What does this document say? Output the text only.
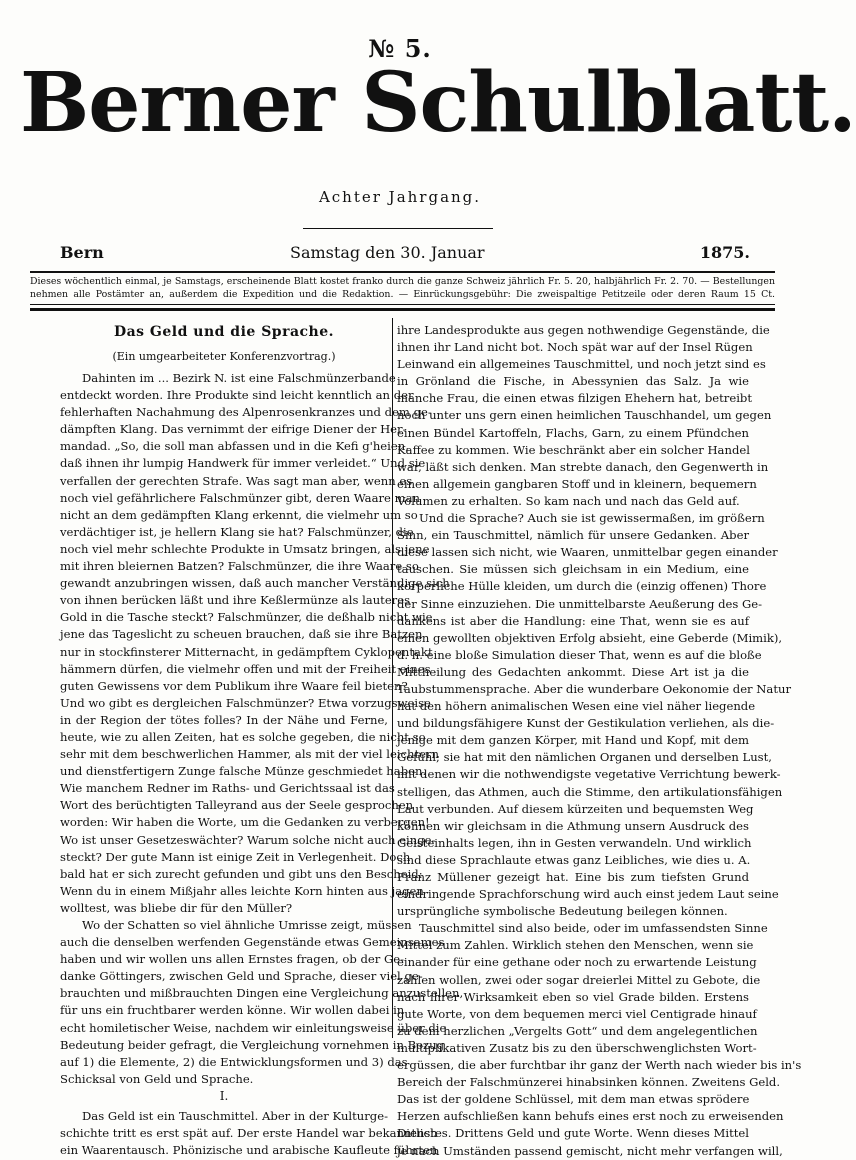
№ 5.
Berner Schulblatt.
Achter Jahrgang.
Bern	Samstag den 30. Januar	1875.
Dieses wöchentlich einmal, je Samstags, erscheinende Blatt kostet franko durch die ganze Schweiz jährlich Fr. 5. 20, halbjährlich Fr. 2. 70. — Bestellungen
nehmen alle Postämter an, außerdem die Expedition und die Redaktion. — Einrückungsgebühr: Die zweispaltige Petitzeile oder deren Raum 15 Ct.
Das Geld und die Sprache.
(Ein umgearbeiteter Konferenzvortrag.)
Dahinten im ... Bezirk N. ist eine Falschmünzerbande
entdeckt worden. Ihre Produkte sind leicht kenntlich an der
fehlerhaften Nachahmung des Alpenrosenkranzes und dem ge-
dämpften Klang. Das vernimmt der eifrige Diener der Her-
mandad. „So, die soll man abfassen und in die Kefi g'heien,
daß ihnen ihr lumpig Handwerk für immer verleidet.“ Und sie
verfallen der gerechten Strafe. Was sagt man aber, wenn es
noch viel gefährlichere Falschmünzer gibt, deren Waare man
nicht an dem gedämpften Klang erkennt, die vielmehr um so
verdächtiger ist, je hellern Klang sie hat? Falschmünzer, die
noch viel mehr schlechte Produkte in Umsatz bringen, als jene
mit ihren bleiernen Batzen? Falschmünzer, die ihre Waare so
gewandt anzubringen wissen, daß auch mancher Verständige sich
von ihnen berücken läßt und ihre Keßlermünze als lauteres
Gold in die Tasche steckt? Falschmünzer, die deßhalb nicht wie
jene das Tageslicht zu scheuen brauchen, daß sie ihre Batzen
nur in stockfinsterer Mitternacht, in gedämpftem Cyklopentakt
hämmern dürfen, die vielmehr offen und mit der Freiheit eines
guten Gewissens vor dem Publikum ihre Waare feil bieten?
Und wo gibt es dergleichen Falschmünzer? Etwa vorzugsweise
in der Region der tötes folles? In der Nähe und Ferne,
heute, wie zu allen Zeiten, hat es solche gegeben, die nicht so
sehr mit dem beschwerlichen Hammer, als mit der viel leichtern
und dienstfertigern Zunge falsche Münze geschmiedet haben.
Wie manchem Redner im Raths- und Gerichtssaal ist das
Wort des berüchtigten Talleyrand aus der Seele gesprochen
worden: Wir haben die Worte, um die Gedanken zu verbergen!
Wo ist unser Gesetzeswächter? Warum solche nicht auch einge-
steckt? Der gute Mann ist einige Zeit in Verlegenheit. Doch
bald hat er sich zurecht gefunden und gibt uns den Bescheid:
Wenn du in einem Mißjahr alles leichte Korn hinten aus jagen
wolltest, was bliebe dir für den Müller?
Wo der Schatten so viel ähnliche Umrisse zeigt, müssen
auch die denselben werfenden Gegenstände etwas Gemeinsames
haben und wir wollen uns allen Ernstes fragen, ob der Ge-
danke Göttingers, zwischen Geld und Sprache, dieser viel ge-
brauchten und mißbrauchten Dingen eine Vergleichung anzustellen,
für uns ein fruchtbarer werden könne. Wir wollen dabei in
echt homiletischer Weise, nachdem wir einleitungsweise über die
Bedeutung beider gefragt, die Vergleichung vornehmen in Bezug
auf 1) die Elemente, 2) die Entwicklungsformen und 3) das
Schicksal von Geld und Sprache.
I.
Das Geld ist ein Tauschmittel. Aber in der Kulturge-
schichte tritt es erst spät auf. Der erste Handel war bekanntlich
ein Waarentausch. Phönizische und arabische Kaufleute führten
ihre Landesprodukte aus gegen nothwendige Gegenstände, die
ihnen ihr Land nicht bot. Noch spät war auf der Insel Rügen
Leinwand ein allgemeines Tauschmittel, und noch jetzt sind es
in Grönland die Fische, in Abessynien das Salz. Ja wie
manche Frau, die einen etwas filzigen Ehehern hat, betreibt
noch unter uns gern einen heimlichen Tauschhandel, um gegen
einen Bündel Kartoffeln, Flachs, Garn, zu einem Pfündchen
Kaffee zu kommen. Wie beschränkt aber ein solcher Handel
war, läßt sich denken. Man strebte danach, den Gegenwerth in
einen allgemein gangbaren Stoff und in kleinern, bequemern
Volumen zu erhalten. So kam nach und nach das Geld auf.
Und die Sprache? Auch sie ist gewissermaßen, im größern
Sinn, ein Tauschmittel, nämlich für unsere Gedanken. Aber
diese lassen sich nicht, wie Waaren, unmittelbar gegen einander
tauschen. Sie müssen sich gleichsam in ein Medium, eine
körperliche Hülle kleiden, um durch die (einzig offenen) Thore
der Sinne einzuziehen. Die unmittelbarste Aeußerung des Ge-
dankens ist aber die Handlung: eine That, wenn sie es auf
einen gewollten objektiven Erfolg absieht, eine Geberde (Mimik),
d. h. eine bloße Simulation dieser That, wenn es auf die bloße
Mittheilung des Gedachten ankommt. Diese Art ist ja die
Taubstummensprache. Aber die wunderbare Oekonomie der Natur
hat den höhern animalischen Wesen eine viel näher liegende
und bildungsfähigere Kunst der Gestikulation verliehen, als die-
jenige mit dem ganzen Körper, mit Hand und Kopf, mit dem
Gefühl; sie hat mit den nämlichen Organen und derselben Lust,
mit denen wir die nothwendigste vegetative Verrichtung bewerk-
stelligen, das Athmen, auch die Stimme, den artikulationsfähigen
Laut verbunden. Auf diesem kürzeiten und bequemsten Weg
können wir gleichsam in die Athmung unsern Ausdruck des
Geisteinhalts legen, ihn in Gesten verwandeln. Und wirklich
sind diese Sprachlaute etwas ganz Leibliches, wie dies u. A.
Franz Müllener gezeigt hat. Eine bis zum tiefsten Grund
eindringende Sprachforschung wird auch einst jedem Laut seine
ursprüngliche symbolische Bedeutung beilegen können.
Tauschmittel sind also beide, oder im umfassendsten Sinne
Mittel zum Zahlen. Wirklich stehen den Menschen, wenn sie
einander für eine gethane oder noch zu erwartende Leistung
zahlen wollen, zwei oder sogar dreierlei Mittel zu Gebote, die
nach ihrer Wirksamkeit eben so viel Grade bilden. Erstens
gute Worte, von dem bequemen merci viel Centigrade hinauf
zu dem herzlichen „Vergelts Gott“ und dem angelegentlichen
multiplikativen Zusatz bis zu den überschwenglichsten Wort-
ergüssen, die aber furchtbar ihr ganz der Werth nach wieder bis in's
Bereich der Falschmünzerei hinabsinken können. Zweitens Geld.
Das ist der goldene Schlüssel, mit dem man etwas sprödere
Herzen aufschließen kann behufs eines erst noch zu erweisenden
Dienstes. Drittens Geld und gute Worte. Wenn dieses Mittel
je nach Umständen passend gemischt, nicht mehr verfangen will,
